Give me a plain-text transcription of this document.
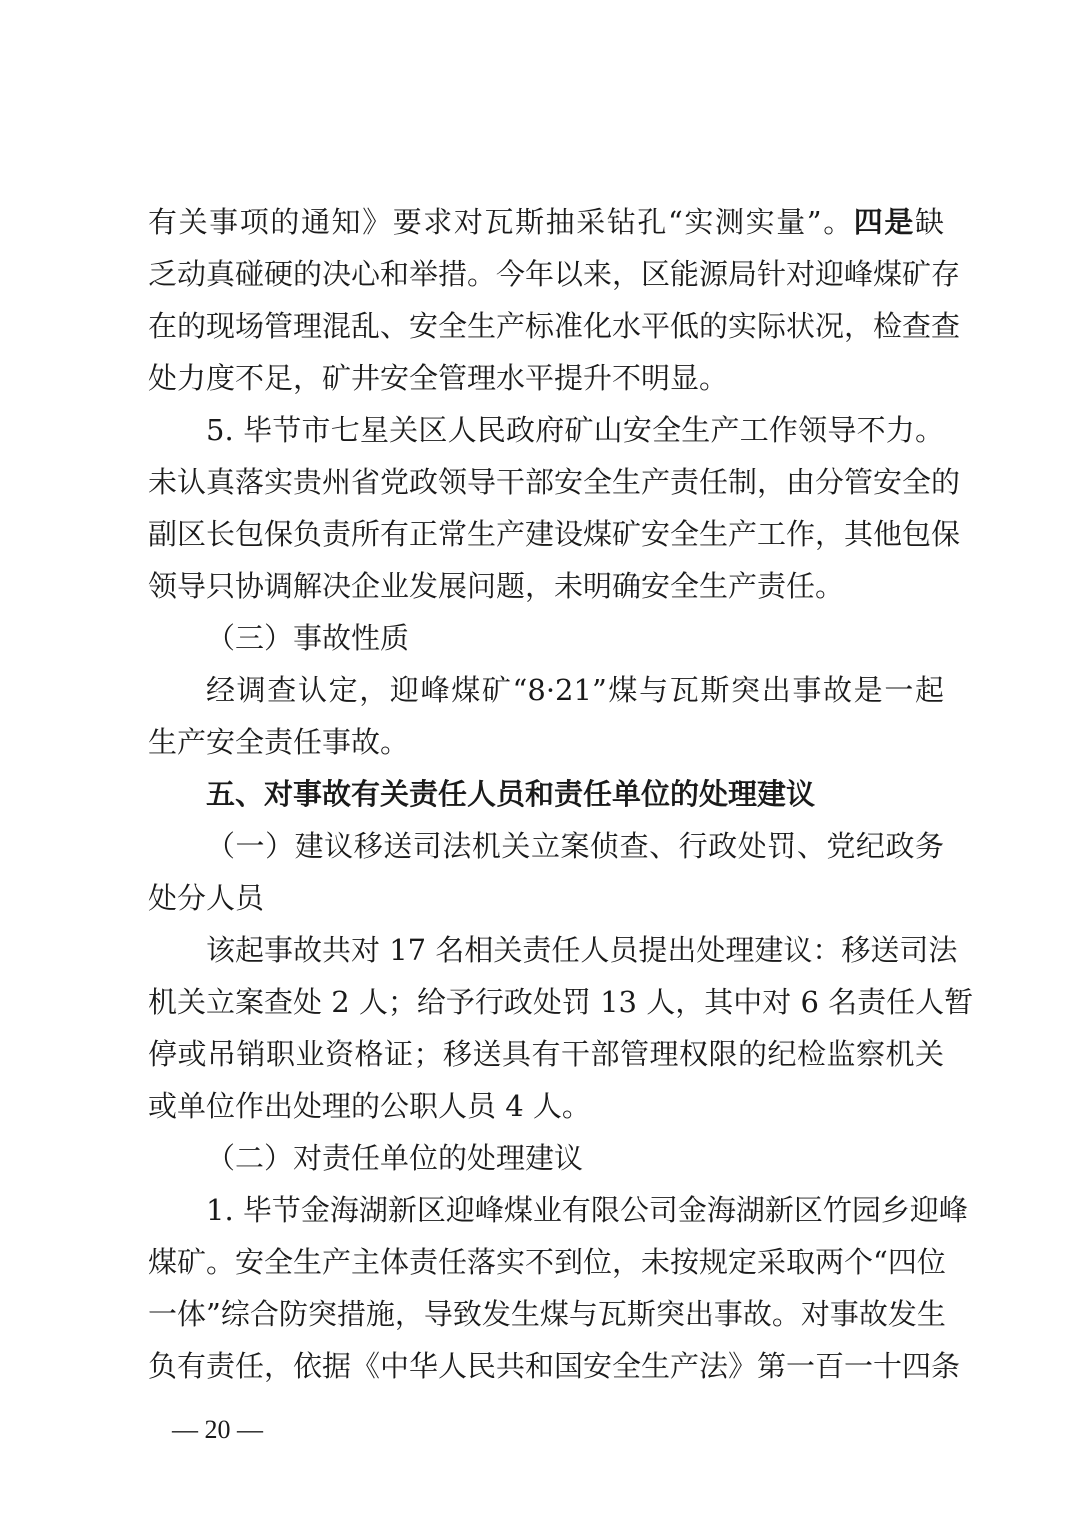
有关事项的通知》要求对瓦斯抽采钻孔“实测实量”。四是缺
乏动真碰硬的决心和举措。今年以来，区能源局针对迎峰煤矿存
在的现场管理混乱、安全生产标准化水平低的实际状况，检查查
处力度不足，矿井安全管理水平提升不明显。
5. 毕节市七星关区人民政府矿山安全生产工作领导不力。
未认真落实贵州省党政领导干部安全生产责任制，由分管安全的
副区长包保负责所有正常生产建设煤矿安全生产工作，其他包保
领导只协调解决企业发展问题，未明确安全生产责任。
（三）事故性质
经调查认定，迎峰煤矿“8·21”煤与瓦斯突出事故是一起
生产安全责任事故。
五、对事故有关责任人员和责任单位的处理建议
（一）建议移送司法机关立案侦查、行政处罚、党纪政务
处分人员
该起事故共对 17 名相关责任人员提出处理建议：移送司法
机关立案查处 2 人；给予行政处罚 13 人，其中对 6 名责任人暂
停或吊销职业资格证；移送具有干部管理权限的纪检监察机关
或单位作出处理的公职人员 4 人。
（二）对责任单位的处理建议
1. 毕节金海湖新区迎峰煤业有限公司金海湖新区竹园乡迎峰
煤矿。安全生产主体责任落实不到位，未按规定采取两个“四位
一体”综合防突措施，导致发生煤与瓦斯突出事故。对事故发生
负有责任，依据《中华人民共和国安全生产法》第一百一十四条
— 20 —
